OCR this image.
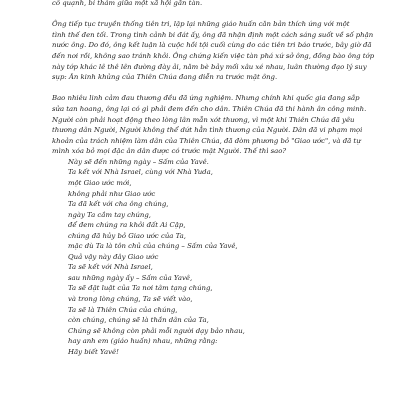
cô quạnh, bi thảm giữa một xã hội gần tàn.

Ông tiếp tục truyền thống tiên tri, lặp lại những giáo huấn căn bản thích ứng với một
tình thế đen tối. Trong tình cảnh bi đát ấy, ông đã nhận định một cách sáng suốt về số phận
nước ông. Do đó, ông kết luận là cuộc hồi tội cuối cùng do các tiên tri báo trước, bây giờ đã
đến nơi rồi, không sao tránh khỏi. Ông chứng kiến việc tàn phá xứ sở ông, đồng bào ông tớp
này tớp khác lê thê lên đường đày ải, năm bè bảy mối xâu xé nhau, luân thường đạo lý suy
sụp: Ân kinh khủng của Thiên Chúa đang diễn ra trước mặt ông.

Bao nhiêu linh cảm đau thương đều đã ứng nghiệm. Nhưng chính khi quốc gia đang sắp
sửa tan hoang, ông lại có gì phải đem đến cho dân. Thiên Chúa đã thi hành ân công minh.
Người còn phải hoạt động theo lòng lân mẫn xót thương, vì một khi Thiên Chúa đã yêu
thương dân Người, Người không thể dứt hẳn tình thương của Người. Dân đã vi phạm mọi
khoản của trách nhiệm làm dân của Thiên Chúa, đã đòm phương bỏ "Giao ước", và đã tự
mình xóa bỏ mọi đặc ân dân được có trước mặt Người. Thế thì sao?

Này sẽ đến những ngày – Sấm của Yavê.
Ta kết với Nhà Israel, cùng với Nhà Yuda,
một Giao ước mới,
không phải như Giao ước
Ta đã kết với cha ông chúng,
ngày Ta cầm tay chúng,
để đem chúng ra khỏi đất Ai Cập,
chúng đã hủy bỏ Giao ước của Ta,
mặc dù Ta là tôn chủ của chúng – Sấm của Yavê,
Quả vậy này đây Giao ước
Ta sẽ kết với Nhà Israel,
sau những ngày ấy – Sấm của Yavê,
Ta sẽ đặt luật của Ta nơi tâm tạng chúng,
và trong lòng chúng, Ta sẽ viết vào,
Ta sẽ là Thiên Chúa của chúng,
còn chúng, chúng sẽ là thần dân của Ta,
Chúng sẽ không còn phải mỗi người dạy bảo nhau,
hay anh em (giáo huấn) nhau, những rằng:
Hãy biết Yavê!
